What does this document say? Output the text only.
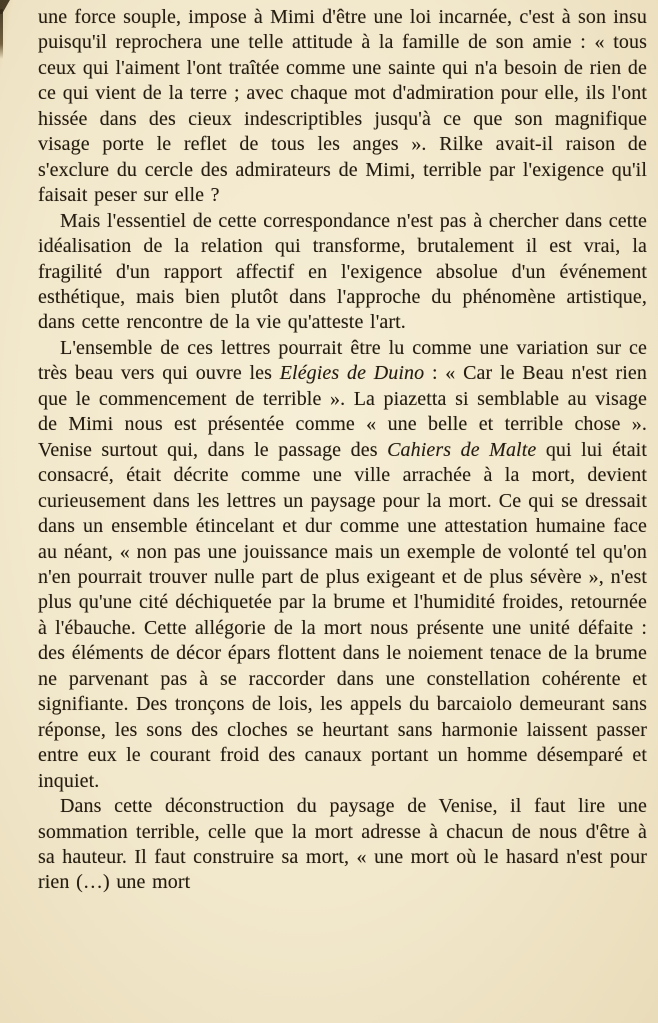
une force souple, impose à Mimi d'être une loi incarnée, c'est à son insu puisqu'il reprochera une telle attitude à la famille de son amie : « tous ceux qui l'aiment l'ont traîtée comme une sainte qui n'a besoin de rien de ce qui vient de la terre ; avec chaque mot d'admiration pour elle, ils l'ont hissée dans des cieux indescriptibles jusqu'à ce que son magnifique visage porte le reflet de tous les anges ». Rilke avait-il raison de s'exclure du cercle des admirateurs de Mimi, terrible par l'exigence qu'il faisait peser sur elle ?

Mais l'essentiel de cette correspondance n'est pas à chercher dans cette idéalisation de la relation qui transforme, brutalement il est vrai, la fragilité d'un rapport affectif en l'exigence absolue d'un événement esthétique, mais bien plutôt dans l'approche du phénomène artistique, dans cette rencontre de la vie qu'atteste l'art.

L'ensemble de ces lettres pourrait être lu comme une variation sur ce très beau vers qui ouvre les Elégies de Duino : « Car le Beau n'est rien que le commencement de terrible ». La piazetta si semblable au visage de Mimi nous est présentée comme « une belle et terrible chose ». Venise surtout qui, dans le passage des Cahiers de Malte qui lui était consacré, était décrite comme une ville arrachée à la mort, devient curieusement dans les lettres un paysage pour la mort. Ce qui se dressait dans un ensemble étincelant et dur comme une attestation humaine face au néant, « non pas une jouissance mais un exemple de volonté tel qu'on n'en pourrait trouver nulle part de plus exigeant et de plus sévère », n'est plus qu'une cité déchiquetée par la brume et l'humidité froides, retournée à l'ébauche. Cette allégorie de la mort nous présente une unité défaite : des éléments de décor épars flottent dans le noiement tenace de la brume ne parvenant pas à se raccorder dans une constellation cohérente et signifiante. Des tronçons de lois, les appels du barcaiolo demeurant sans réponse, les sons des cloches se heurtant sans harmonie laissent passer entre eux le courant froid des canaux portant un homme désemparé et inquiet.

Dans cette déconstruction du paysage de Venise, il faut lire une sommation terrible, celle que la mort adresse à chacun de nous d'être à sa hauteur. Il faut construire sa mort, « une mort où le hasard n'est pour rien (…) une mort
